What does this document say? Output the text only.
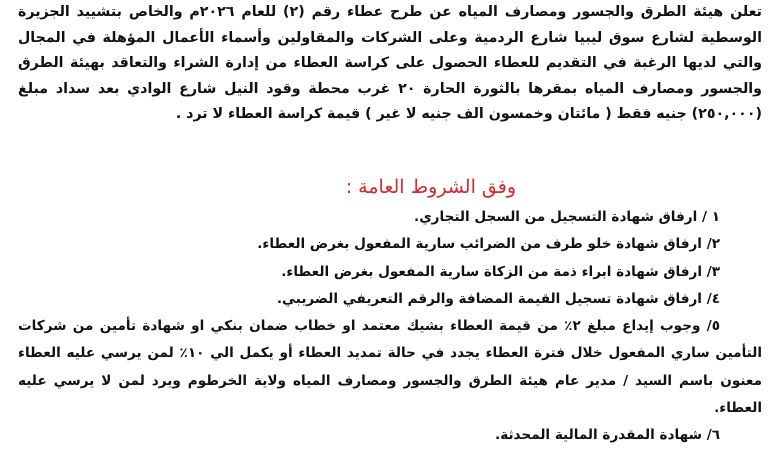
تعلن هيئة الطرق والجسور ومصارف المياه عن طرح عطاء رقم (٢) للعام ٢٠٢٦م والخاص بتشييد الجزيرة الوسطية لشارع سوق ليبيا شارع الردمية وعلى الشركات والمقاولين وأسماء الأعمال المؤهلة في المجال والتي لديها الرغبة في التقديم للعطاء الحصول على كراسة العطاء من إدارة الشراء والتعاقد بهيئة الطرق والجسور ومصارف المياه بمقرها بالثورة الحارة ٢٠ غرب محطة وقود النيل شارع الوادي بعد سداد مبلغ (٢٥٠,٠٠٠) جنيه فقط ( مائتان وخمسون الف جنيه لا غير ) قيمة كراسة العطاء لا ترد .

وفق الشروط العامة :
١ / ارفاق شهادة التسجيل من السجل التجاري.
٢/ ارفاق شهادة خلو طرف من الضرائب سارية المفعول بغرض العطاء.
٣/ ارفاق شهادة ابراء ذمة من الزكاة سارية المفعول بغرض العطاء.
٤/ ارفاق شهادة تسجيل القيمة المضافة والرقم التعريفي الضريبي.
٥/ وجوب إيداع مبلغ ٢٪ من قيمة العطاء بشيك معتمد او خطاب ضمان بنكي او شهادة تأمين من شركات التأمين ساري المفعول خلال فترة العطاء يجدد في حالة تمديد العطاء أو يكمل الي ١٠٪ لمن يرسي عليه العطاء معنون باسم السيد / مدير عام هيئة الطرق والجسور ومصارف المياه ولاية الخرطوم ويرد لمن لا يرسي عليه العطاء.
٦/ شهادة المقدرة المالية المحدثة.
